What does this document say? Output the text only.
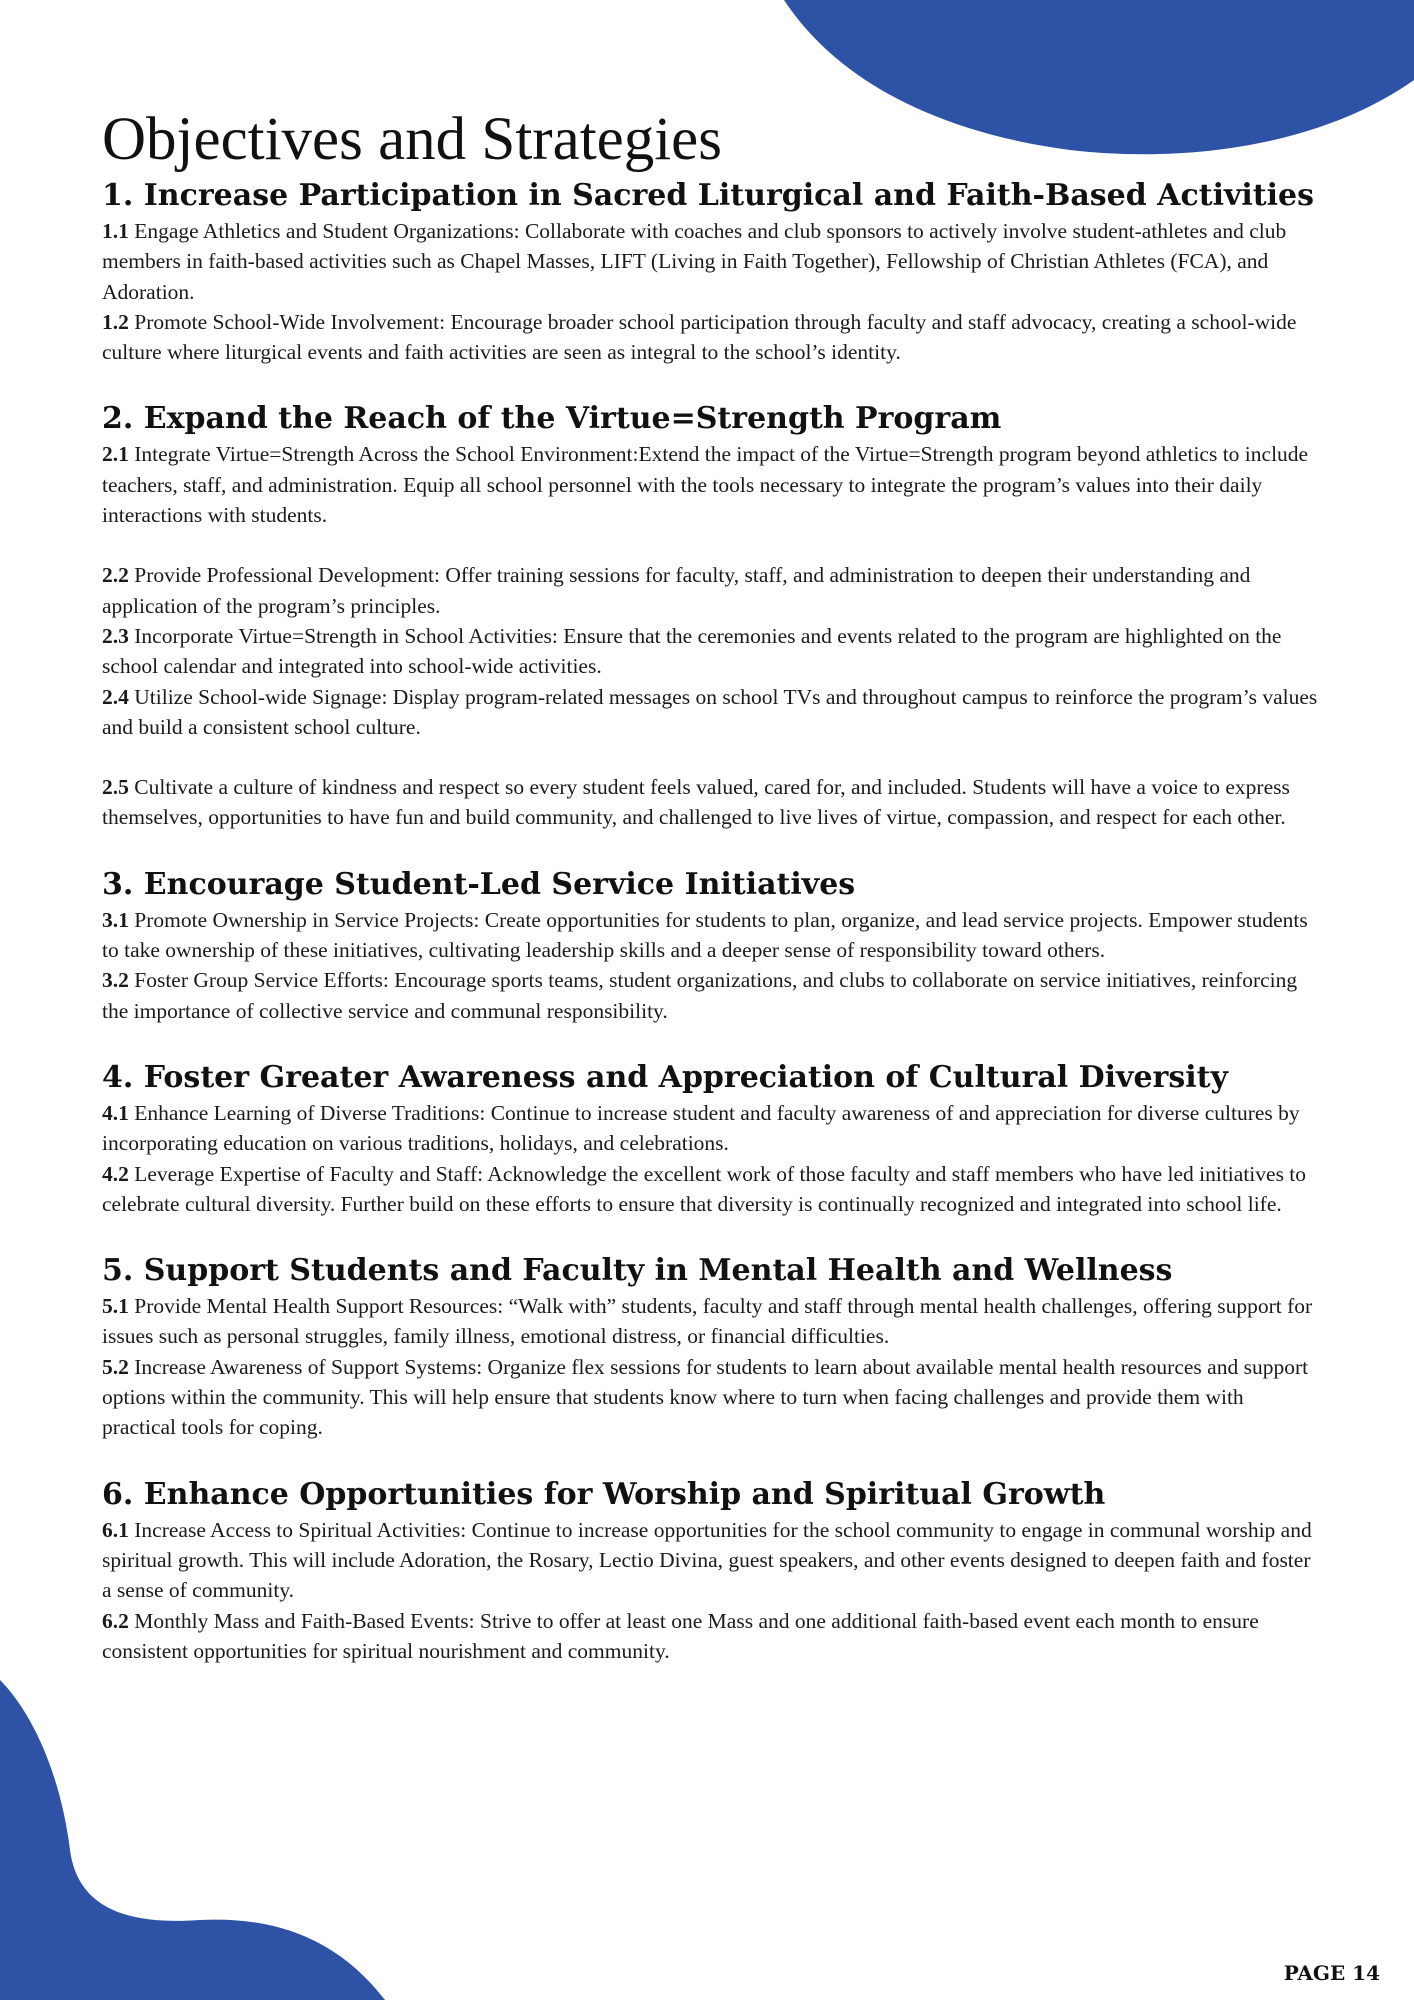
Objectives and Strategies
1. Increase Participation in Sacred Liturgical and Faith-Based Activities

1.1 Engage Athletics and Student Organizations: Collaborate with coaches and club sponsors to actively involve student-athletes and club members in faith-based activities such as Chapel Masses, LIFT (Living in Faith Together), Fellowship of Christian Athletes (FCA), and Adoration.

1.2 Promote School-Wide Involvement: Encourage broader school participation through faculty and staff advocacy, creating a school-wide culture where liturgical events and faith activities are seen as integral to the school’s identity.

2. Expand the Reach of the Virtue=Strength Program

2.1 Integrate Virtue=Strength Across the School Environment:Extend the impact of the Virtue=Strength program beyond athletics to include teachers, staff, and administration. Equip all school personnel with the tools necessary to integrate the program’s values into their daily interactions with students.

2.2 Provide Professional Development: Offer training sessions for faculty, staff, and administration to deepen their understanding and application of the program’s principles.

2.3 Incorporate Virtue=Strength in School Activities: Ensure that the ceremonies and events related to the program are highlighted on the school calendar and integrated into school-wide activities.

2.4 Utilize School-wide Signage: Display program-related messages on school TVs and throughout campus to reinforce the program’s values and build a consistent school culture.

2.5 Cultivate a culture of kindness and respect so every student feels valued, cared for, and included. Students will have a voice to express themselves, opportunities to have fun and build community, and challenged to live lives of virtue, compassion, and respect for each other.

3. Encourage Student-Led Service Initiatives

3.1 Promote Ownership in Service Projects: Create opportunities for students to plan, organize, and lead service projects. Empower students to take ownership of these initiatives, cultivating leadership skills and a deeper sense of responsibility toward others.

3.2 Foster Group Service Efforts: Encourage sports teams, student organizations, and clubs to collaborate on service initiatives, reinforcing the importance of collective service and communal responsibility.

4. Foster Greater Awareness and Appreciation of Cultural Diversity

4.1 Enhance Learning of Diverse Traditions: Continue to increase student and faculty awareness of and appreciation for diverse cultures by incorporating education on various traditions, holidays, and celebrations.

4.2 Leverage Expertise of Faculty and Staff: Acknowledge the excellent work of those faculty and staff members who have led initiatives to celebrate cultural diversity. Further build on these efforts to ensure that diversity is continually recognized and integrated into school life.

5. Support Students and Faculty in Mental Health and Wellness

5.1 Provide Mental Health Support Resources: “Walk with” students, faculty and staff through mental health challenges, offering support for issues such as personal struggles, family illness, emotional distress, or financial difficulties.

5.2 Increase Awareness of Support Systems: Organize flex sessions for students to learn about available mental health resources and support options within the community. This will help ensure that students know where to turn when facing challenges and provide them with practical tools for coping.

6. Enhance Opportunities for Worship and Spiritual Growth

6.1 Increase Access to Spiritual Activities: Continue to increase opportunities for the school community to engage in communal worship and spiritual growth. This will include Adoration, the Rosary, Lectio Divina, guest speakers, and other events designed to deepen faith and foster a sense of community.

6.2 Monthly Mass and Faith-Based Events: Strive to offer at least one Mass and one additional faith-based event each month to ensure consistent opportunities for spiritual nourishment and community.

PAGE 14
